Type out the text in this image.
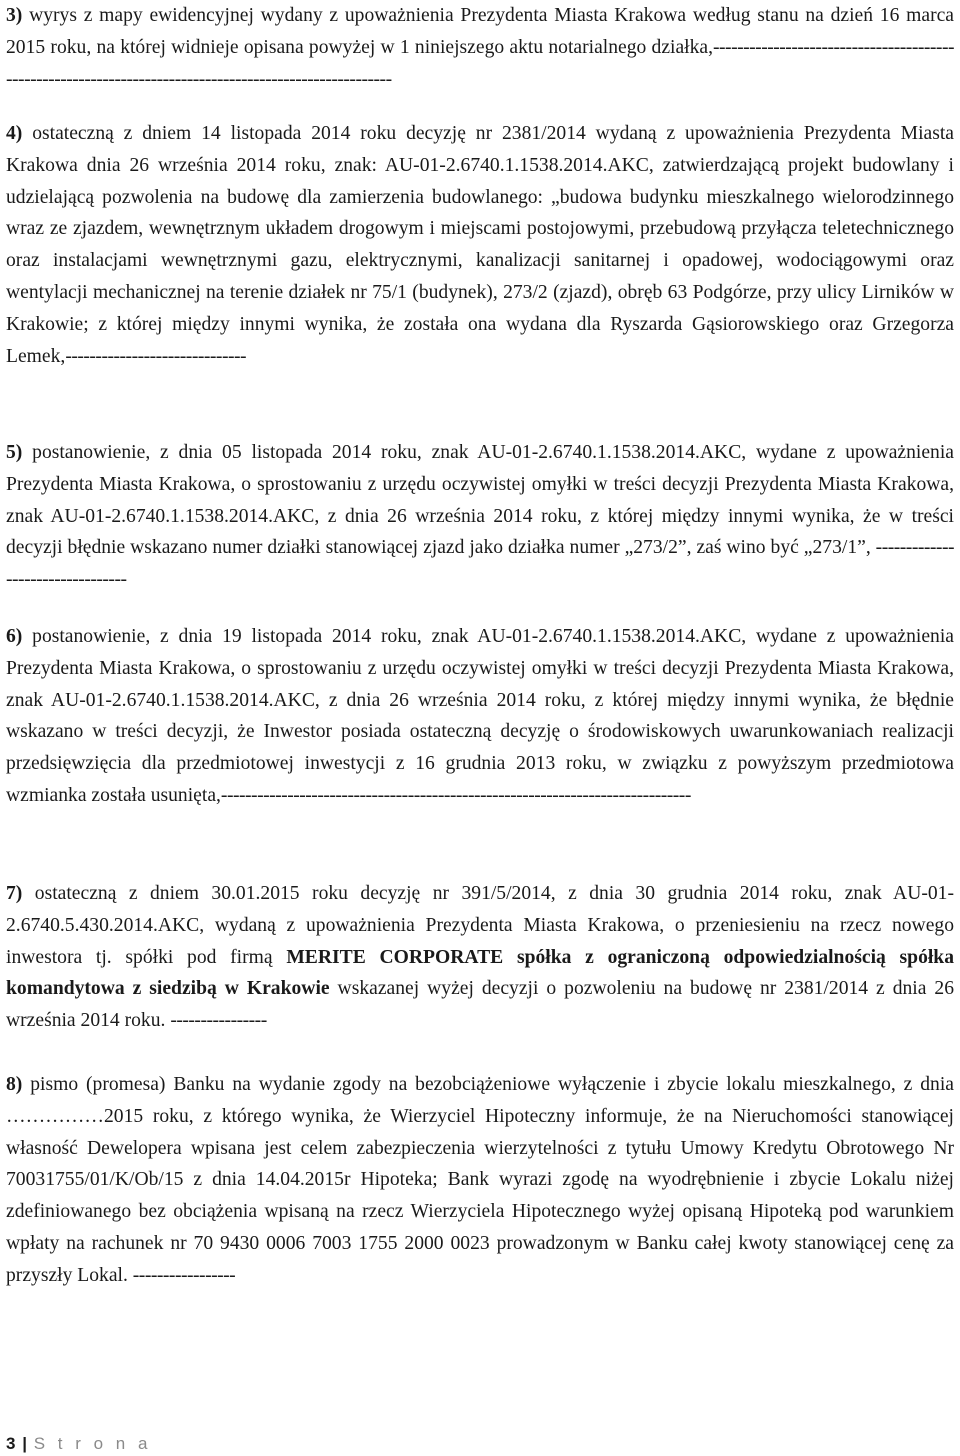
3) wyrys z mapy ewidencyjnej wydany z upoważnienia Prezydenta Miasta Krakowa według stanu na dzień 16 marca 2015 roku, na której widnieje opisana powyżej w 1 niniejszego aktu notarialnego działka,--------------------------------------------------------------------------------------------------------

4) ostateczną z dniem 14 listopada 2014 roku decyzję nr 2381/2014 wydaną z upoważnienia Prezydenta Miasta Krakowa dnia 26 września 2014 roku, znak: AU-01-2.6740.1.1538.2014.AKC, zatwierdzającą projekt budowlany i udzielającą pozwolenia na budowę dla zamierzenia budowlanego: „budowa budynku mieszkalnego wielorodzinnego wraz ze zjazdem, wewnętrznym układem drogowym i miejscami postojowymi, przebudową przyłącza teletechnicznego oraz instalacjami wewnętrznymi gazu, elektrycznymi, kanalizacji sanitarnej i opadowej, wodociągowymi oraz wentylacji mechanicznej na terenie działek nr 75/1 (budynek), 273/2 (zjazd), obręb 63 Podgórze, przy ulicy Lirników w Krakowie; z której między innymi wynika, że została ona wydana dla Ryszarda Gąsiorowskiego oraz Grzegorza Lemek,------------------------------

5) postanowienie, z dnia 05 listopada 2014 roku, znak AU-01-2.6740.1.1538.2014.AKC, wydane z upoważnienia Prezydenta Miasta Krakowa, o sprostowaniu z urzędu oczywistej omyłki w treści decyzji Prezydenta Miasta Krakowa, znak AU-01-2.6740.1.1538.2014.AKC, z dnia 26 września 2014 roku, z której między innymi wynika, że w treści decyzji błędnie wskazano numer działki stanowiącej zjazd jako działka numer „273/2”, zaś wino być „273/1”, ---------------------------------

6) postanowienie, z dnia 19 listopada 2014 roku, znak AU-01-2.6740.1.1538.2014.AKC, wydane z upoważnienia Prezydenta Miasta Krakowa, o sprostowaniu z urzędu oczywistej omyłki w treści decyzji Prezydenta Miasta Krakowa, znak AU-01-2.6740.1.1538.2014.AKC, z dnia 26 września 2014 roku, z której między innymi wynika, że błędnie wskazano w treści decyzji, że Inwestor posiada ostateczną decyzję o środowiskowych uwarunkowaniach realizacji przedsięwzięcia dla przedmiotowej inwestycji z 16 grudnia 2013 roku, w związku z powyższym przedmiotowa wzmianka została usunięta,------------------------------------------------------------------------------

7) ostateczną z dniem 30.01.2015 roku decyzję nr 391/5/2014, z dnia 30 grudnia 2014 roku, znak AU-01-2.6740.5.430.2014.AKC, wydaną z upoważnienia Prezydenta Miasta Krakowa, o przeniesieniu na rzecz nowego inwestora tj. spółki pod firmą MERITE CORPORATE spółka z ograniczoną odpowiedzialnością spółka komandytowa z siedzibą w Krakowie wskazanej wyżej decyzji o pozwoleniu na budowę nr 2381/2014 z dnia 26 września 2014 roku. ----------------

8) pismo (promesa) Banku na wydanie zgody na bezobciążeniowe wyłączenie i zbycie lokalu mieszkalnego, z dnia ……………2015 roku, z którego wynika, że Wierzyciel Hipoteczny informuje, że na Nieruchomości stanowiącej własność Dewelopera wpisana jest celem zabezpieczenia wierzytelności z tytułu Umowy Kredytu Obrotowego Nr 70031755/01/K/Ob/15 z dnia 14.04.2015r Hipoteka; Bank wyrazi zgodę na wyodrębnienie i zbycie Lokalu niżej zdefiniowanego bez obciążenia wpisaną na rzecz Wierzyciela Hipotecznego wyżej opisaną Hipoteką pod warunkiem wpłaty na rachunek nr 70 9430 0006 7003 1755 2000 0023 prowadzonym w Banku całej kwoty stanowiącej cenę za przyszły Lokal. -----------------

3 | S t r o n a
